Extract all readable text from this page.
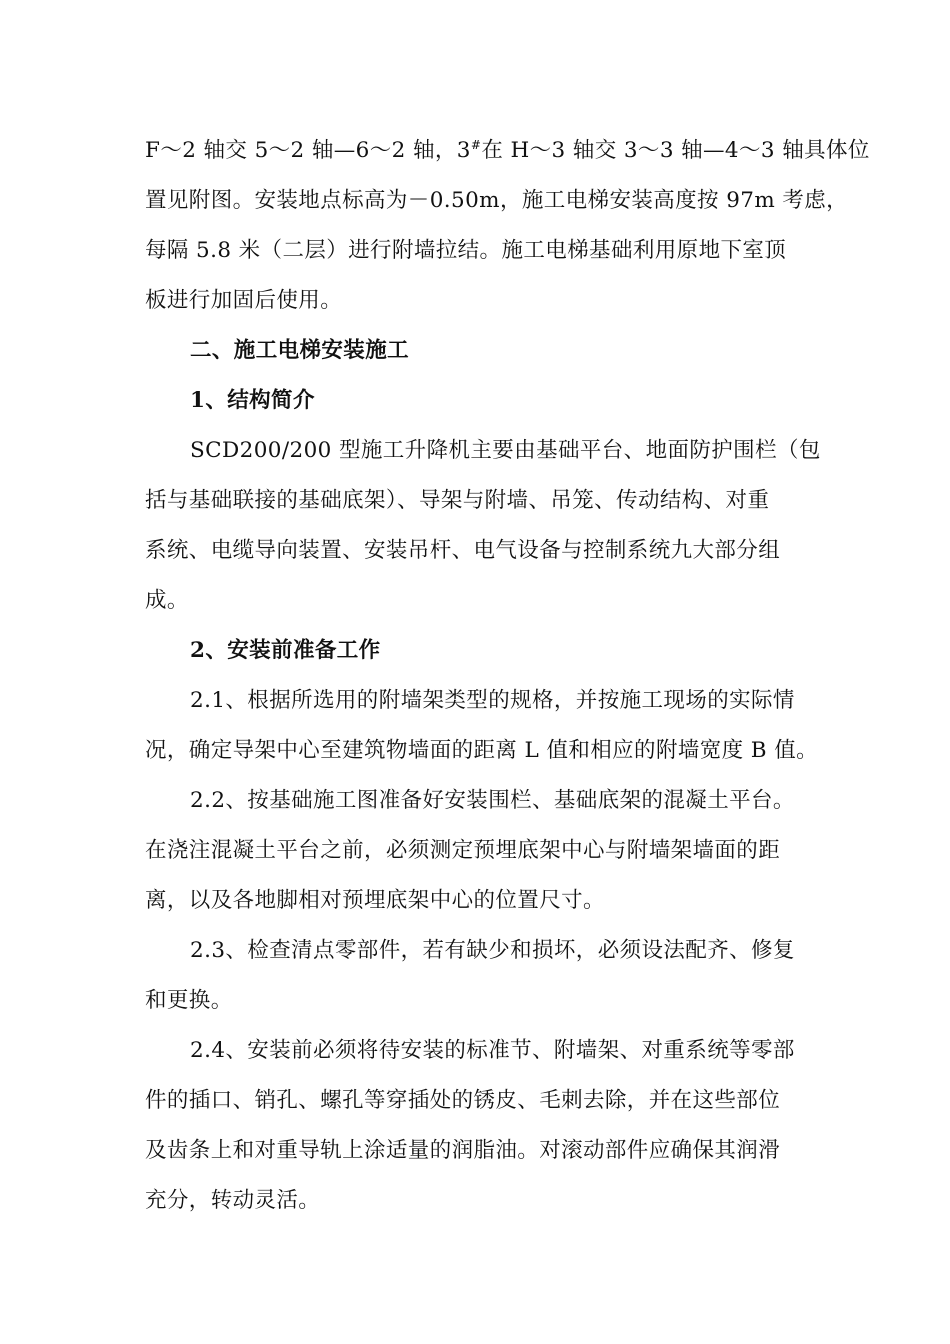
F～2 轴交 5～2 轴—6～2 轴，3#在 H～3 轴交 3～3 轴—4～3 轴具体位
置见附图。安装地点标高为－0.50m，施工电梯安装高度按 97m 考虑，
每隔 5.8 米（二层）进行附墙拉结。施工电梯基础利用原地下室顶
板进行加固后使用。
二、施工电梯安装施工
1、结构简介
SCD200/200 型施工升降机主要由基础平台、地面防护围栏（包
括与基础联接的基础底架）、导架与附墙、吊笼、传动结构、对重
系统、电缆导向装置、安装吊杆、电气设备与控制系统九大部分组
成。
2、安装前准备工作
2.1、根据所选用的附墙架类型的规格，并按施工现场的实际情
况，确定导架中心至建筑物墙面的距离 L 值和相应的附墙宽度 B 值。
2.2、按基础施工图准备好安装围栏、基础底架的混凝土平台。
在浇注混凝土平台之前，必须测定预埋底架中心与附墙架墙面的距
离，以及各地脚相对预埋底架中心的位置尺寸。
2.3、检查清点零部件，若有缺少和损坏，必须设法配齐、修复
和更换。
2.4、安装前必须将待安装的标准节、附墙架、对重系统等零部
件的插口、销孔、螺孔等穿插处的锈皮、毛刺去除，并在这些部位
及齿条上和对重导轨上涂适量的润脂油。对滚动部件应确保其润滑
充分，转动灵活。
